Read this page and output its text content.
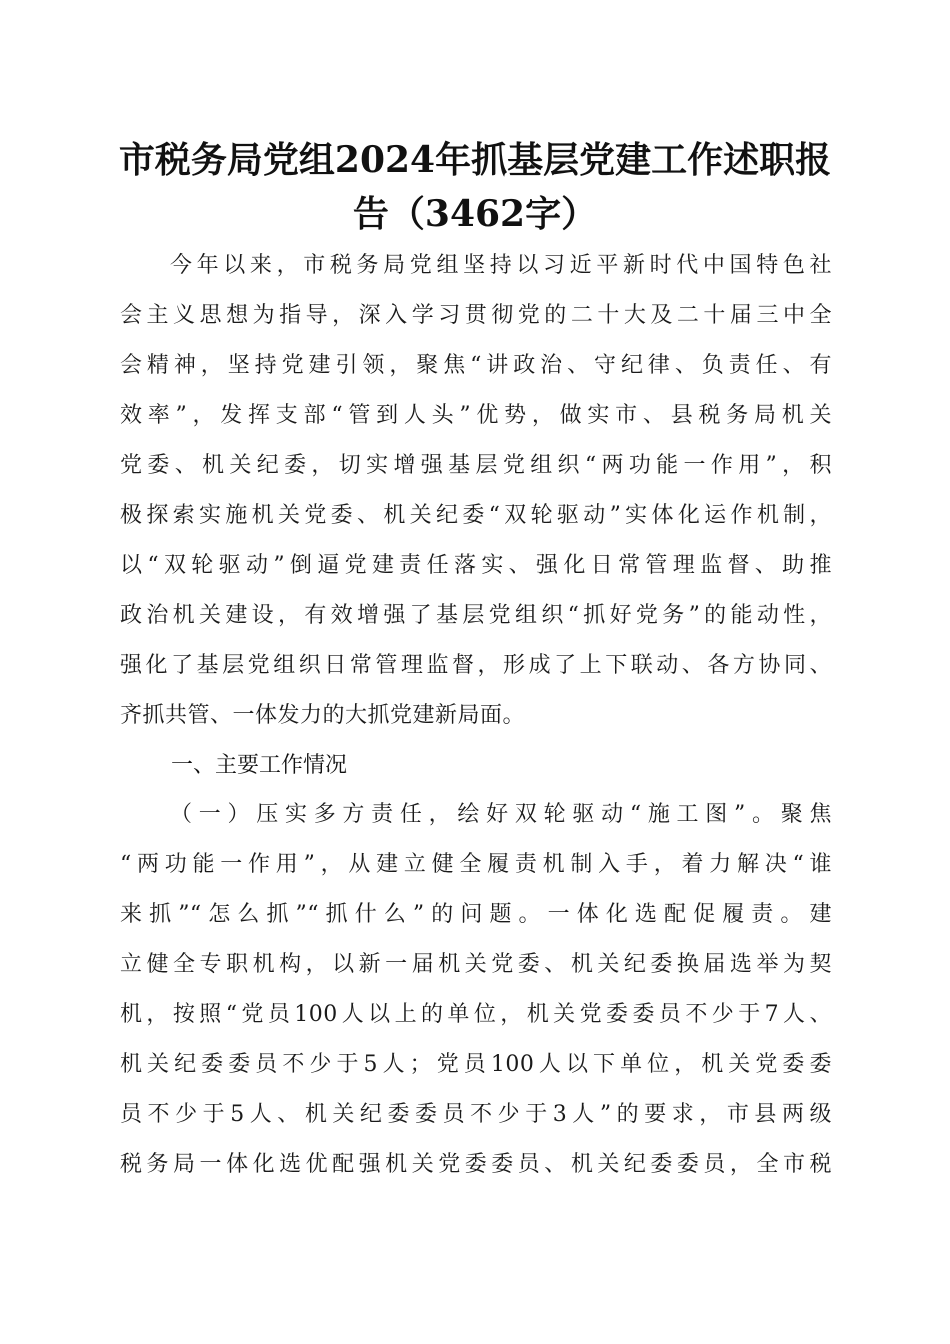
市税务局党组2024年抓基层党建工作述职报
告（3462字）
今年以来，市税务局党组坚持以习近平新时代中国特色社
会主义思想为指导，深入学习贯彻党的二十大及二十届三中全
会精神，坚持党建引领，聚焦“讲政治、守纪律、负责任、有
效率”，发挥支部“管到人头”优势，做实市、县税务局机关
党委、机关纪委，切实增强基层党组织“两功能一作用”，积
极探索实施机关党委、机关纪委“双轮驱动”实体化运作机制，
以“双轮驱动”倒逼党建责任落实、强化日常管理监督、助推
政治机关建设，有效增强了基层党组织“抓好党务”的能动性，
强化了基层党组织日常管理监督，形成了上下联动、各方协同、
齐抓共管、一体发力的大抓党建新局面。
一、主要工作情况
（一）压实多方责任，绘好双轮驱动“施工图”。聚焦
“两功能一作用”，从建立健全履责机制入手，着力解决“谁
来抓”“怎么抓”“抓什么”的问题。一体化选配促履责。建
立健全专职机构，以新一届机关党委、机关纪委换届选举为契
机，按照“党员100人以上的单位，机关党委委员不少于7人、
机关纪委委员不少于5人；党员100人以下单位，机关党委委
员不少于5人、机关纪委委员不少于3人”的要求，市县两级
税务局一体化选优配强机关党委委员、机关纪委委员，全市税
